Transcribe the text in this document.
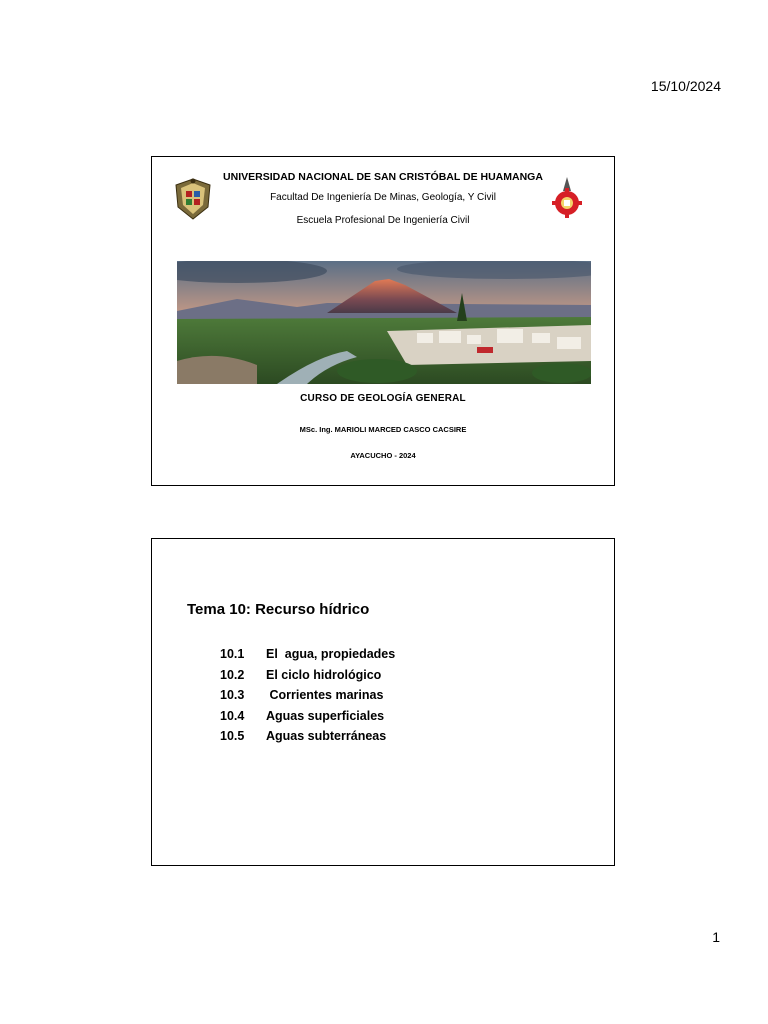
15/10/2024
UNIVERSIDAD NACIONAL DE SAN CRISTÓBAL DE HUAMANGA
Facultad De Ingeniería De Minas, Geología, Y Civil
Escuela Profesional De Ingeniería Civil
CURSO DE GEOLOGÍA GENERAL
MSc. Ing. MARIOLI MARCED CASCO CACSIRE
AYACUCHO - 2024
Tema 10: Recurso hídrico
10.1	El  agua, propiedades
10.2	El ciclo hidrológico
10.3	Corrientes marinas
10.4	Aguas superficiales
10.5	Aguas subterráneas
1
